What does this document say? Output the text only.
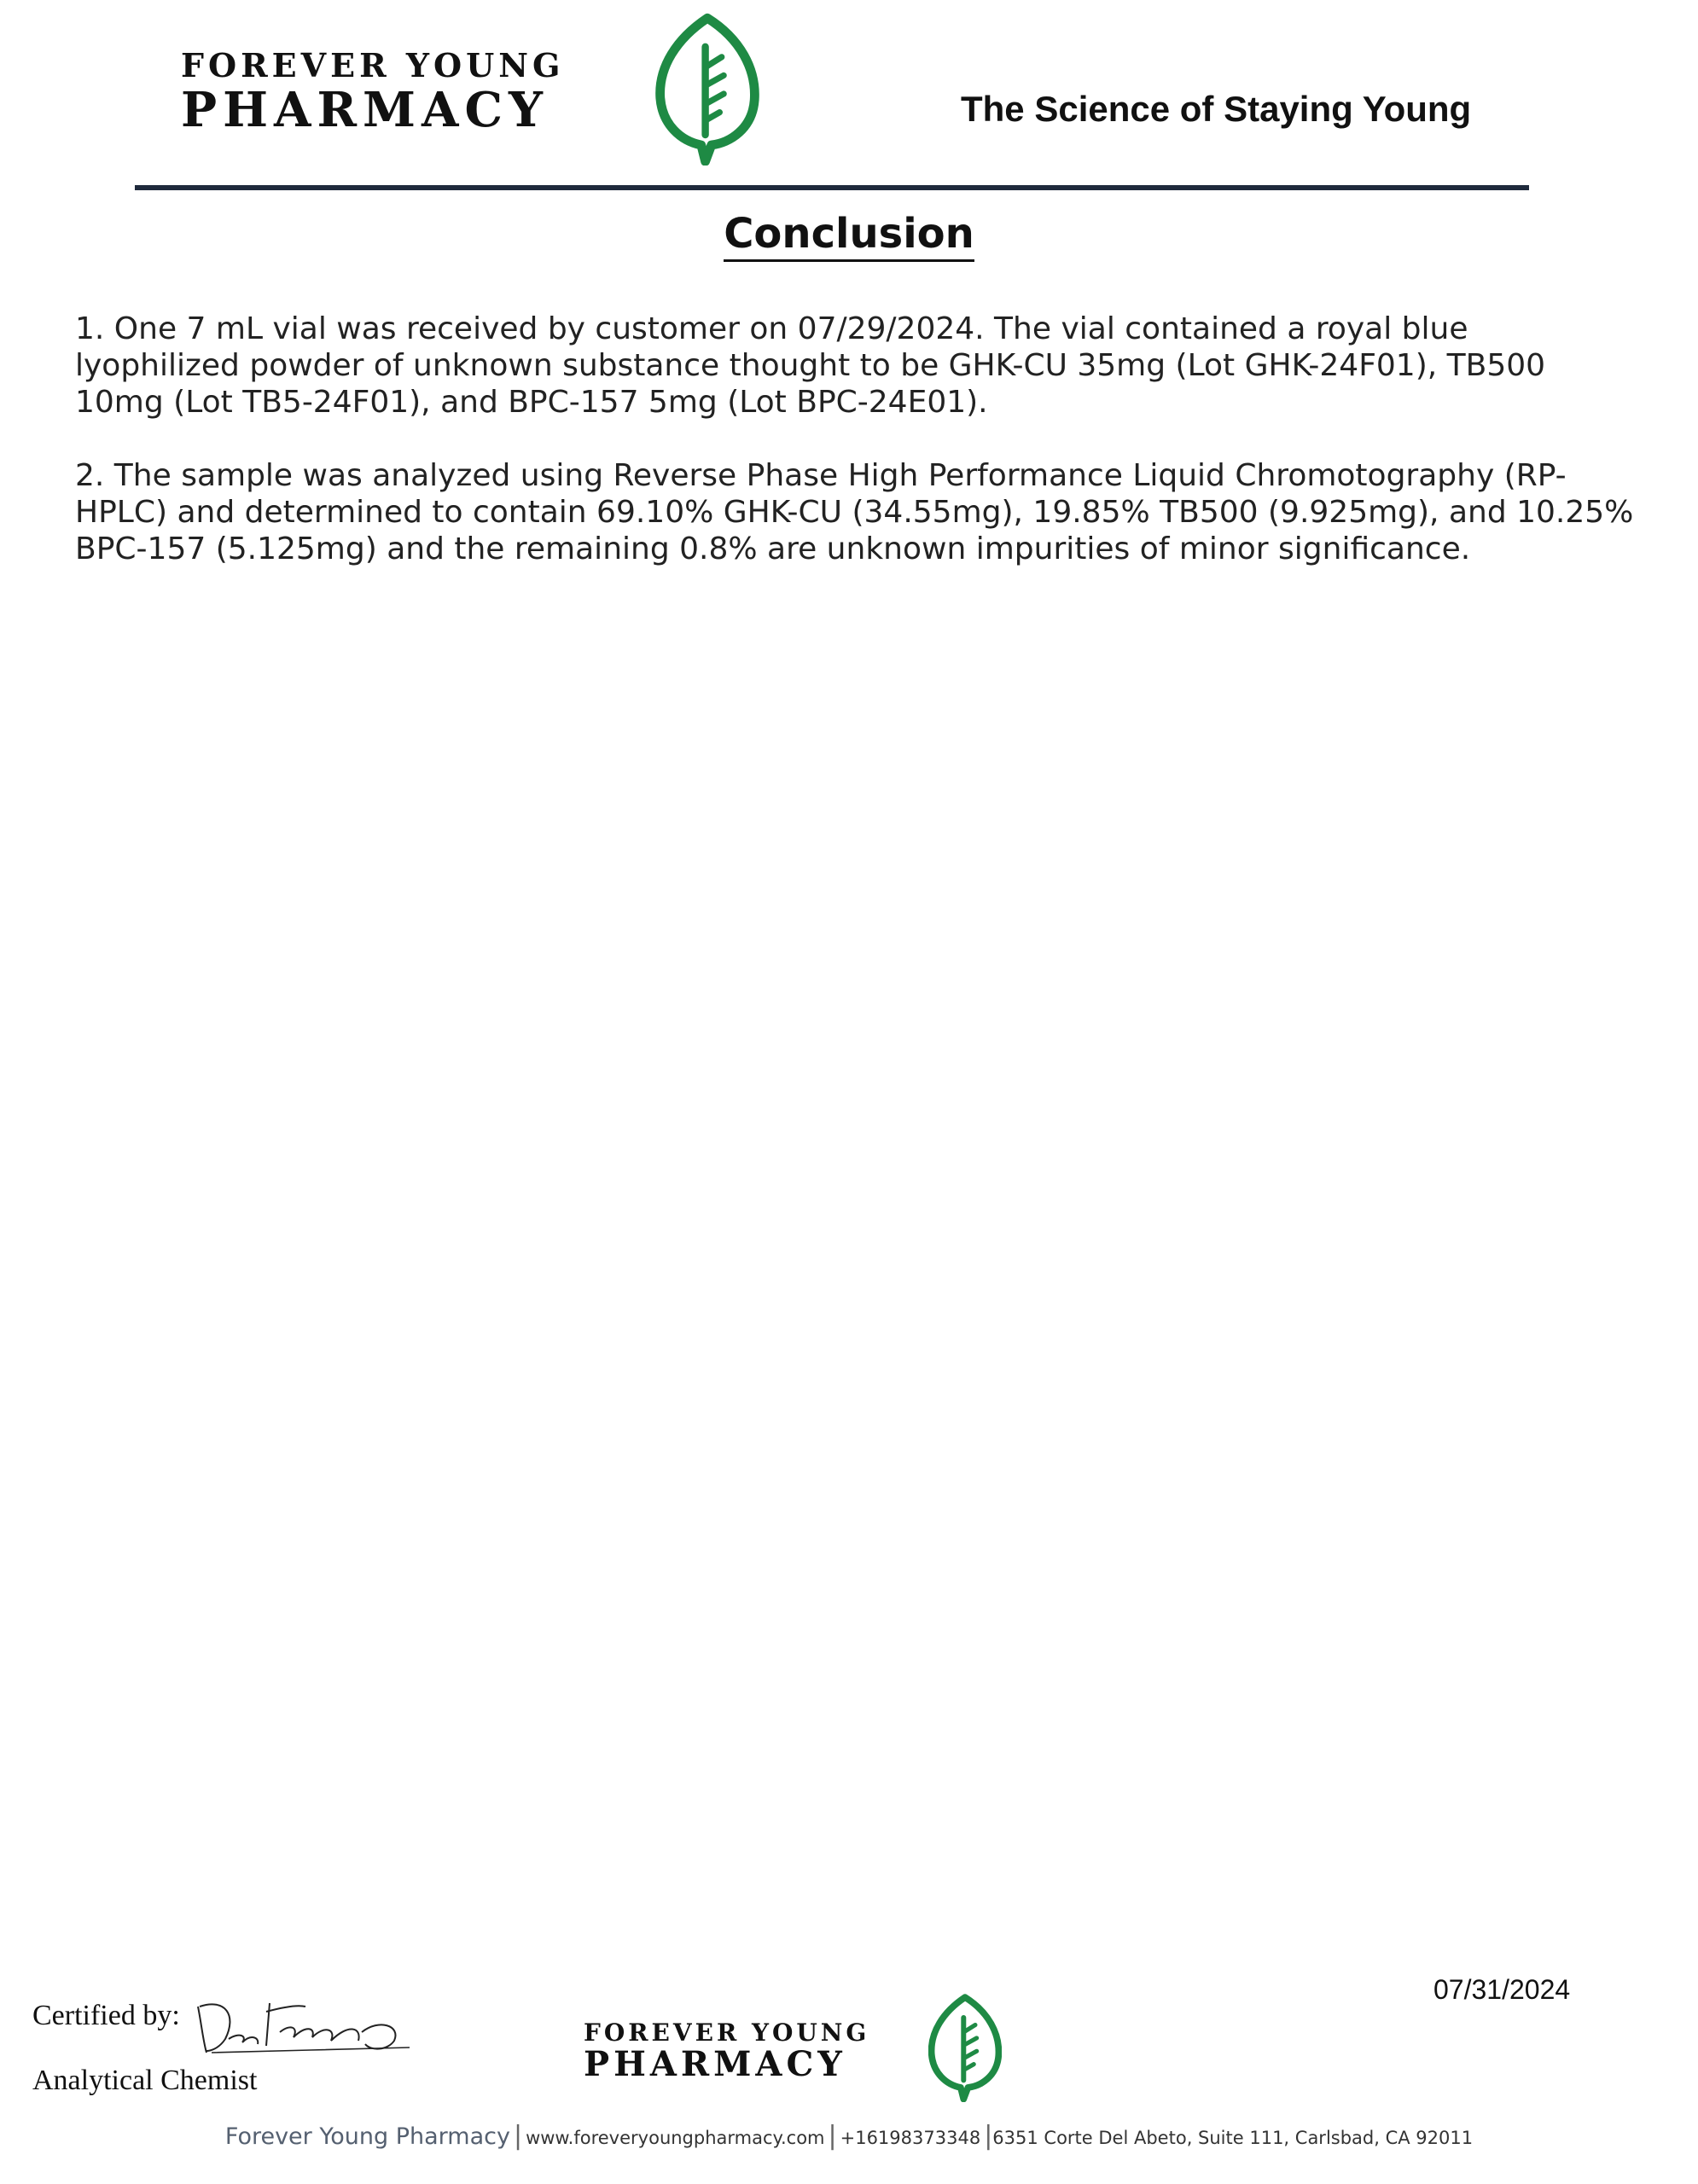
FOREVER YOUNG
PHARMACY	The Science of Staying Young
Conclusion
1. One 7 mL vial was received by customer on 07/29/2024. The vial contained a royal blue lyophilized powder of unknown substance thought to be GHK-CU 35mg (Lot GHK-24F01), TB500 10mg (Lot TB5-24F01), and BPC-157 5mg (Lot BPC-24E01).
2. The sample was analyzed using Reverse Phase High Performance Liquid Chromotography (RP-HPLC) and determined to contain 69.10% GHK-CU (34.55mg), 19.85% TB500 (9.925mg), and 10.25% BPC-157 (5.125mg) and the remaining 0.8% are unknown impurities of minor significance.
07/31/2024
Certified by:
Analytical Chemist
FOREVER YOUNG
PHARMACY
Forever Young Pharmacy | www.foreveryoungpharmacy.com | +16198373348 |6351 Corte Del Abeto, Suite 111, Carlsbad, CA 92011
